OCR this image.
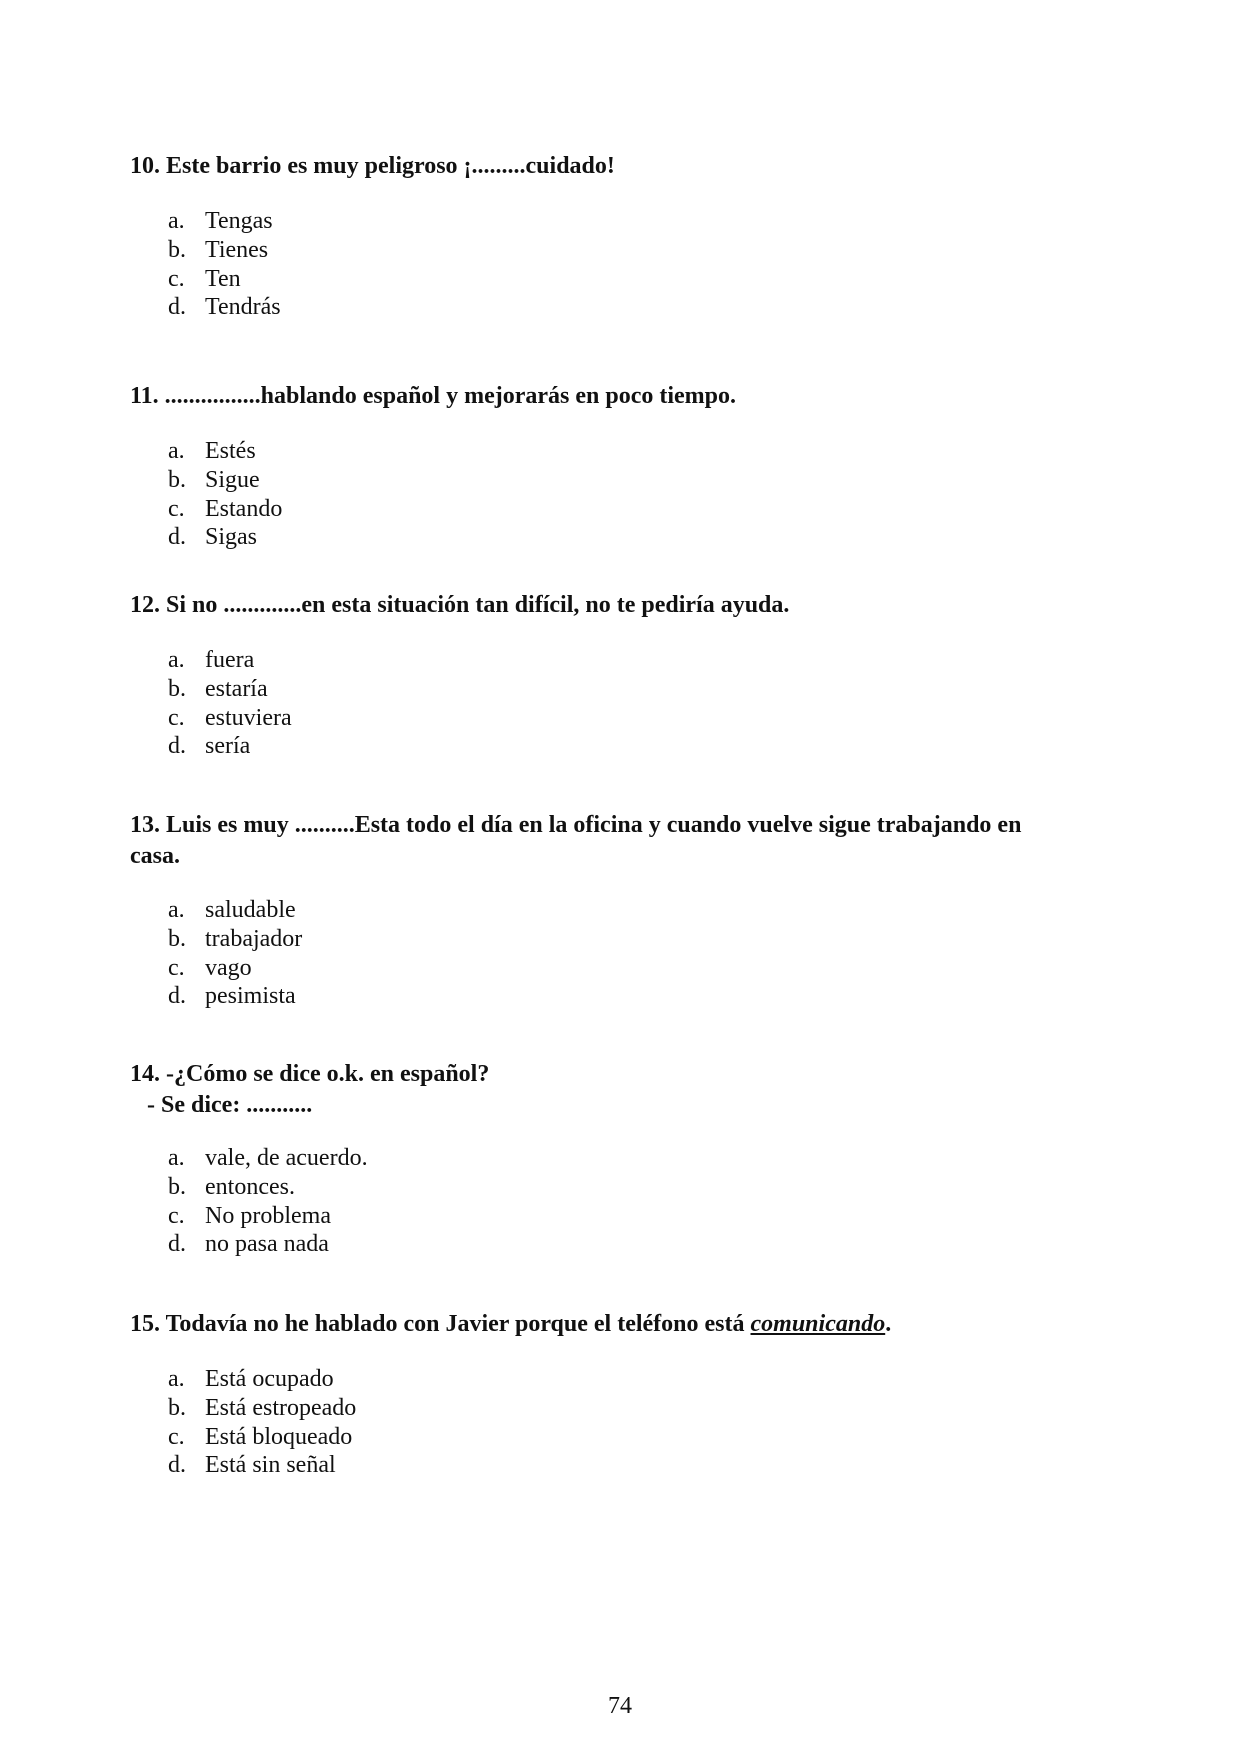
10. Este barrio es muy peligroso ¡.........cuidado!

a. Tengas
b. Tienes
c. Ten
d. Tendrás

11. ................hablando español y mejorarás en poco tiempo.

a. Estés
b. Sigue
c. Estando
d. Sigas

12. Si no .............en esta situación tan difícil, no te pediría ayuda.

a. fuera
b. estaría
c. estuviera
d. sería

13. Luis es muy ..........Esta todo el día en la oficina y cuando vuelve sigue trabajando en
casa.

a. saludable
b. trabajador
c. vago
d. pesimista

14. -¿Cómo se dice o.k. en español?
- Se dice: ...........

a. vale, de acuerdo.
b. entonces.
c. No problema
d. no pasa nada

15. Todavía no he hablado con Javier porque el teléfono está comunicando.

a. Está ocupado
b. Está estropeado
c. Está bloqueado
d. Está sin señal
74
